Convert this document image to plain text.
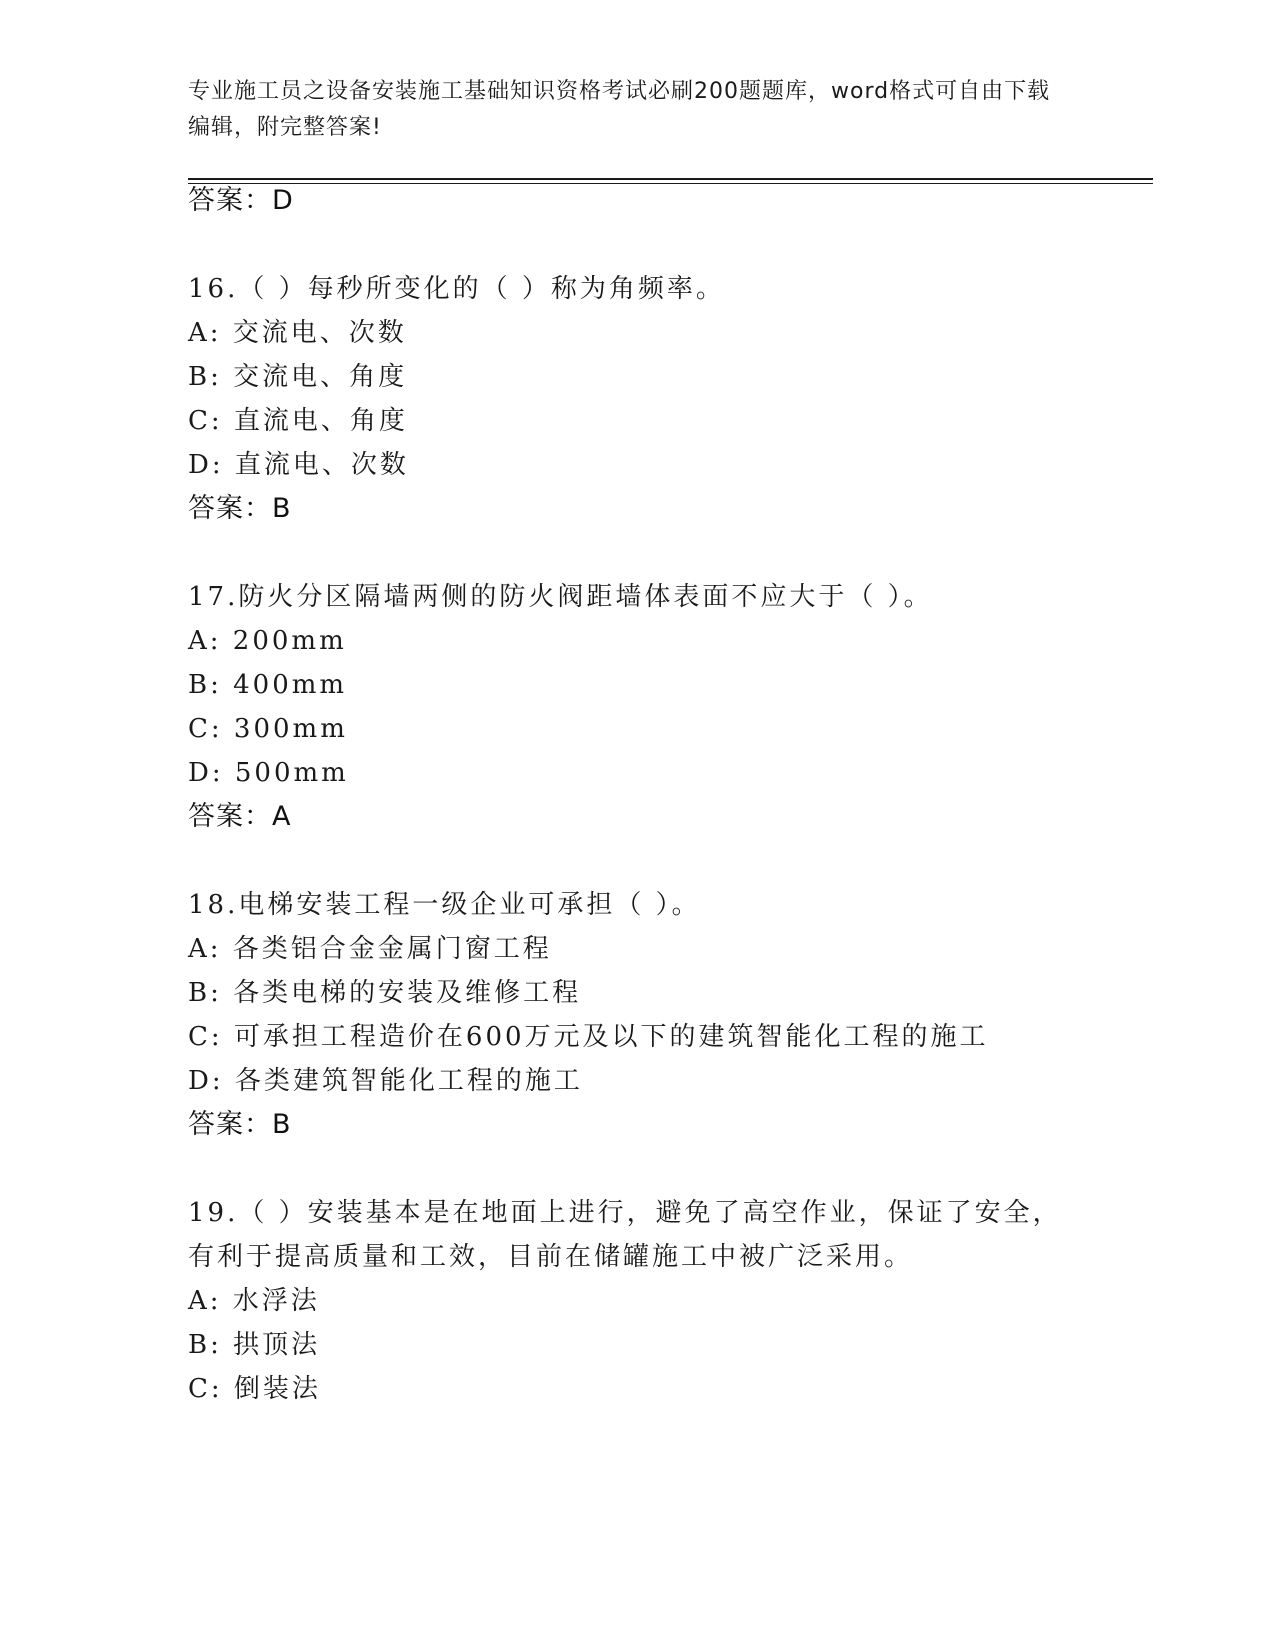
专业施工员之设备安装施工基础知识资格考试必刷200题题库，word格式可自由下载编辑，附完整答案!
答案：D
16.（ ）每秒所变化的（ ）称为角频率。
A: 交流电、次数
B: 交流电、角度
C: 直流电、角度
D: 直流电、次数
答案：B
17.防火分区隔墙两侧的防火阀距墙体表面不应大于（ ）。
A: 200mm
B: 400mm
C: 300mm
D: 500mm
答案：A
18.电梯安装工程一级企业可承担（ ）。
A: 各类铝合金金属门窗工程
B: 各类电梯的安装及维修工程
C: 可承担工程造价在600万元及以下的建筑智能化工程的施工
D: 各类建筑智能化工程的施工
答案：B
19.（ ）安装基本是在地面上进行，避免了高空作业，保证了安全，
有利于提高质量和工效，目前在储罐施工中被广泛采用。
A: 水浮法
B: 拱顶法
C: 倒装法
